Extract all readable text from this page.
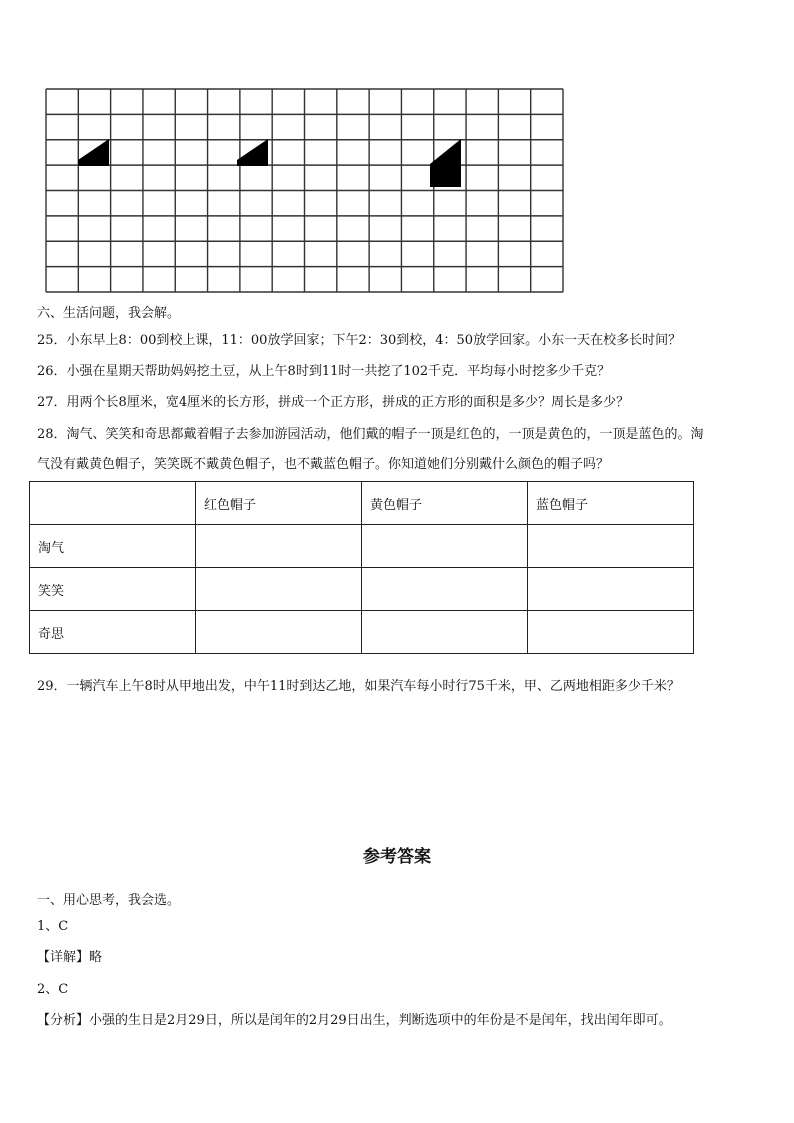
六、生活问题，我会解。
25．小东早上8：00到校上课，11：00放学回家；下午2：30到校，4：50放学回家。小东一天在校多长时间？
26．小强在星期天帮助妈妈挖土豆，从上午8时到11时一共挖了102千克．平均每小时挖多少千克？
27．用两个长8厘米，宽4厘米的长方形，拼成一个正方形，拼成的正方形的面积是多少？周长是多少？
28．淘气、笑笑和奇思都戴着帽子去参加游园活动，他们戴的帽子一顶是红色的，一顶是黄色的，一顶是蓝色的。淘
气没有戴黄色帽子，笑笑既不戴黄色帽子，也不戴蓝色帽子。你知道她们分别戴什么颜色的帽子吗？
	红色帽子	黄色帽子	蓝色帽子
淘气			
笑笑			
奇思			
29．一辆汽车上午8时从甲地出发，中午11时到达乙地，如果汽车每小时行75千米，甲、乙两地相距多少千米？
参考答案
一、用心思考，我会选。
1、C
【详解】略
2、C
【分析】小强的生日是2月29日，所以是闰年的2月29日出生，判断选项中的年份是不是闰年，找出闰年即可。
